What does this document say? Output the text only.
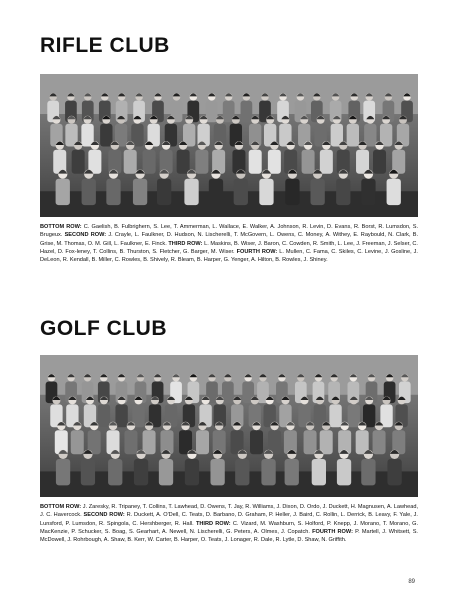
RIFLE CLUB

BOTTOM ROW: C. Gaelish, B. Fulbrighern, S. Lee, T. Ammerman, L. Wallace, E. Walker, A. Johnson, R. Levin, D. Evans, R. Borst, R. Lumsdon, S. Brugeux. SECOND ROW: J. Crayle, L. Faulkner, D. Hudson, N. Lischerelli, T. McGovern, L. Owens, C. Money, A. Withey, E. Raybould, N. Clark, B. Grise, M. Thomas, O. M. Gill, L. Faulkner, E. Finck. THIRD ROW: L. Maskins, B. Wiser, J. Baron, C. Cowden, R. Smith, L. Lee, J. Freeman, J. Selser, C. Hazel, D. Fox-leney, T. Collins, B. Thurston, S. Fletcher, G. Barger, M. Wiser. FOURTH ROW: L. Mullen, C. Fama, C. Skiles, C. Levine, J. Gosline, J. DeLeon, R. Kendall, B. Miller, C. Rowles, B. Shively, R. Bleam, B. Harper, G. Yenger, A. Hilton, B. Rowles, J. Shiney.

GOLF CLUB

BOTTOM ROW: J. Zaresky, R. Tripaney, T. Collins, T. Lawhead, D. Owens, T. Jay, R. Williams, J. Dixon, D. Ordo, J. Duckett, H. Magnusen, A. Lawhead, J. C. Havercock. SECOND ROW: R. Duckett, A. O'Dell, C. Teats, D. Barbano, D. Graham, P. Heller, J. Baird, C. Rollin, L. Derrick, B. Leavy, F. Yale, J. Lunsford, P. Lumsdon, R. Spingola, C. Hershberger, R. Hall. THIRD ROW: C. Vizard, M. Washburn, S. Holford, P. Knepp, J. Morano, T. Morano, G. MacKenzie, P. Schucker, S. Boag, S. Gearhart, A. Newell, N. Lischerelli, G. Peters, A. Olmes, J. Copatch. FOURTH ROW: P. Martell, J. Whitsett, S. McDowell, J. Rohrbough, A. Shaw, B. Kerr, W. Carter, B. Harper, O. Teats, J. Lonager, R. Dale, R. Lytle, D. Shaw, N. Griffith.

89
